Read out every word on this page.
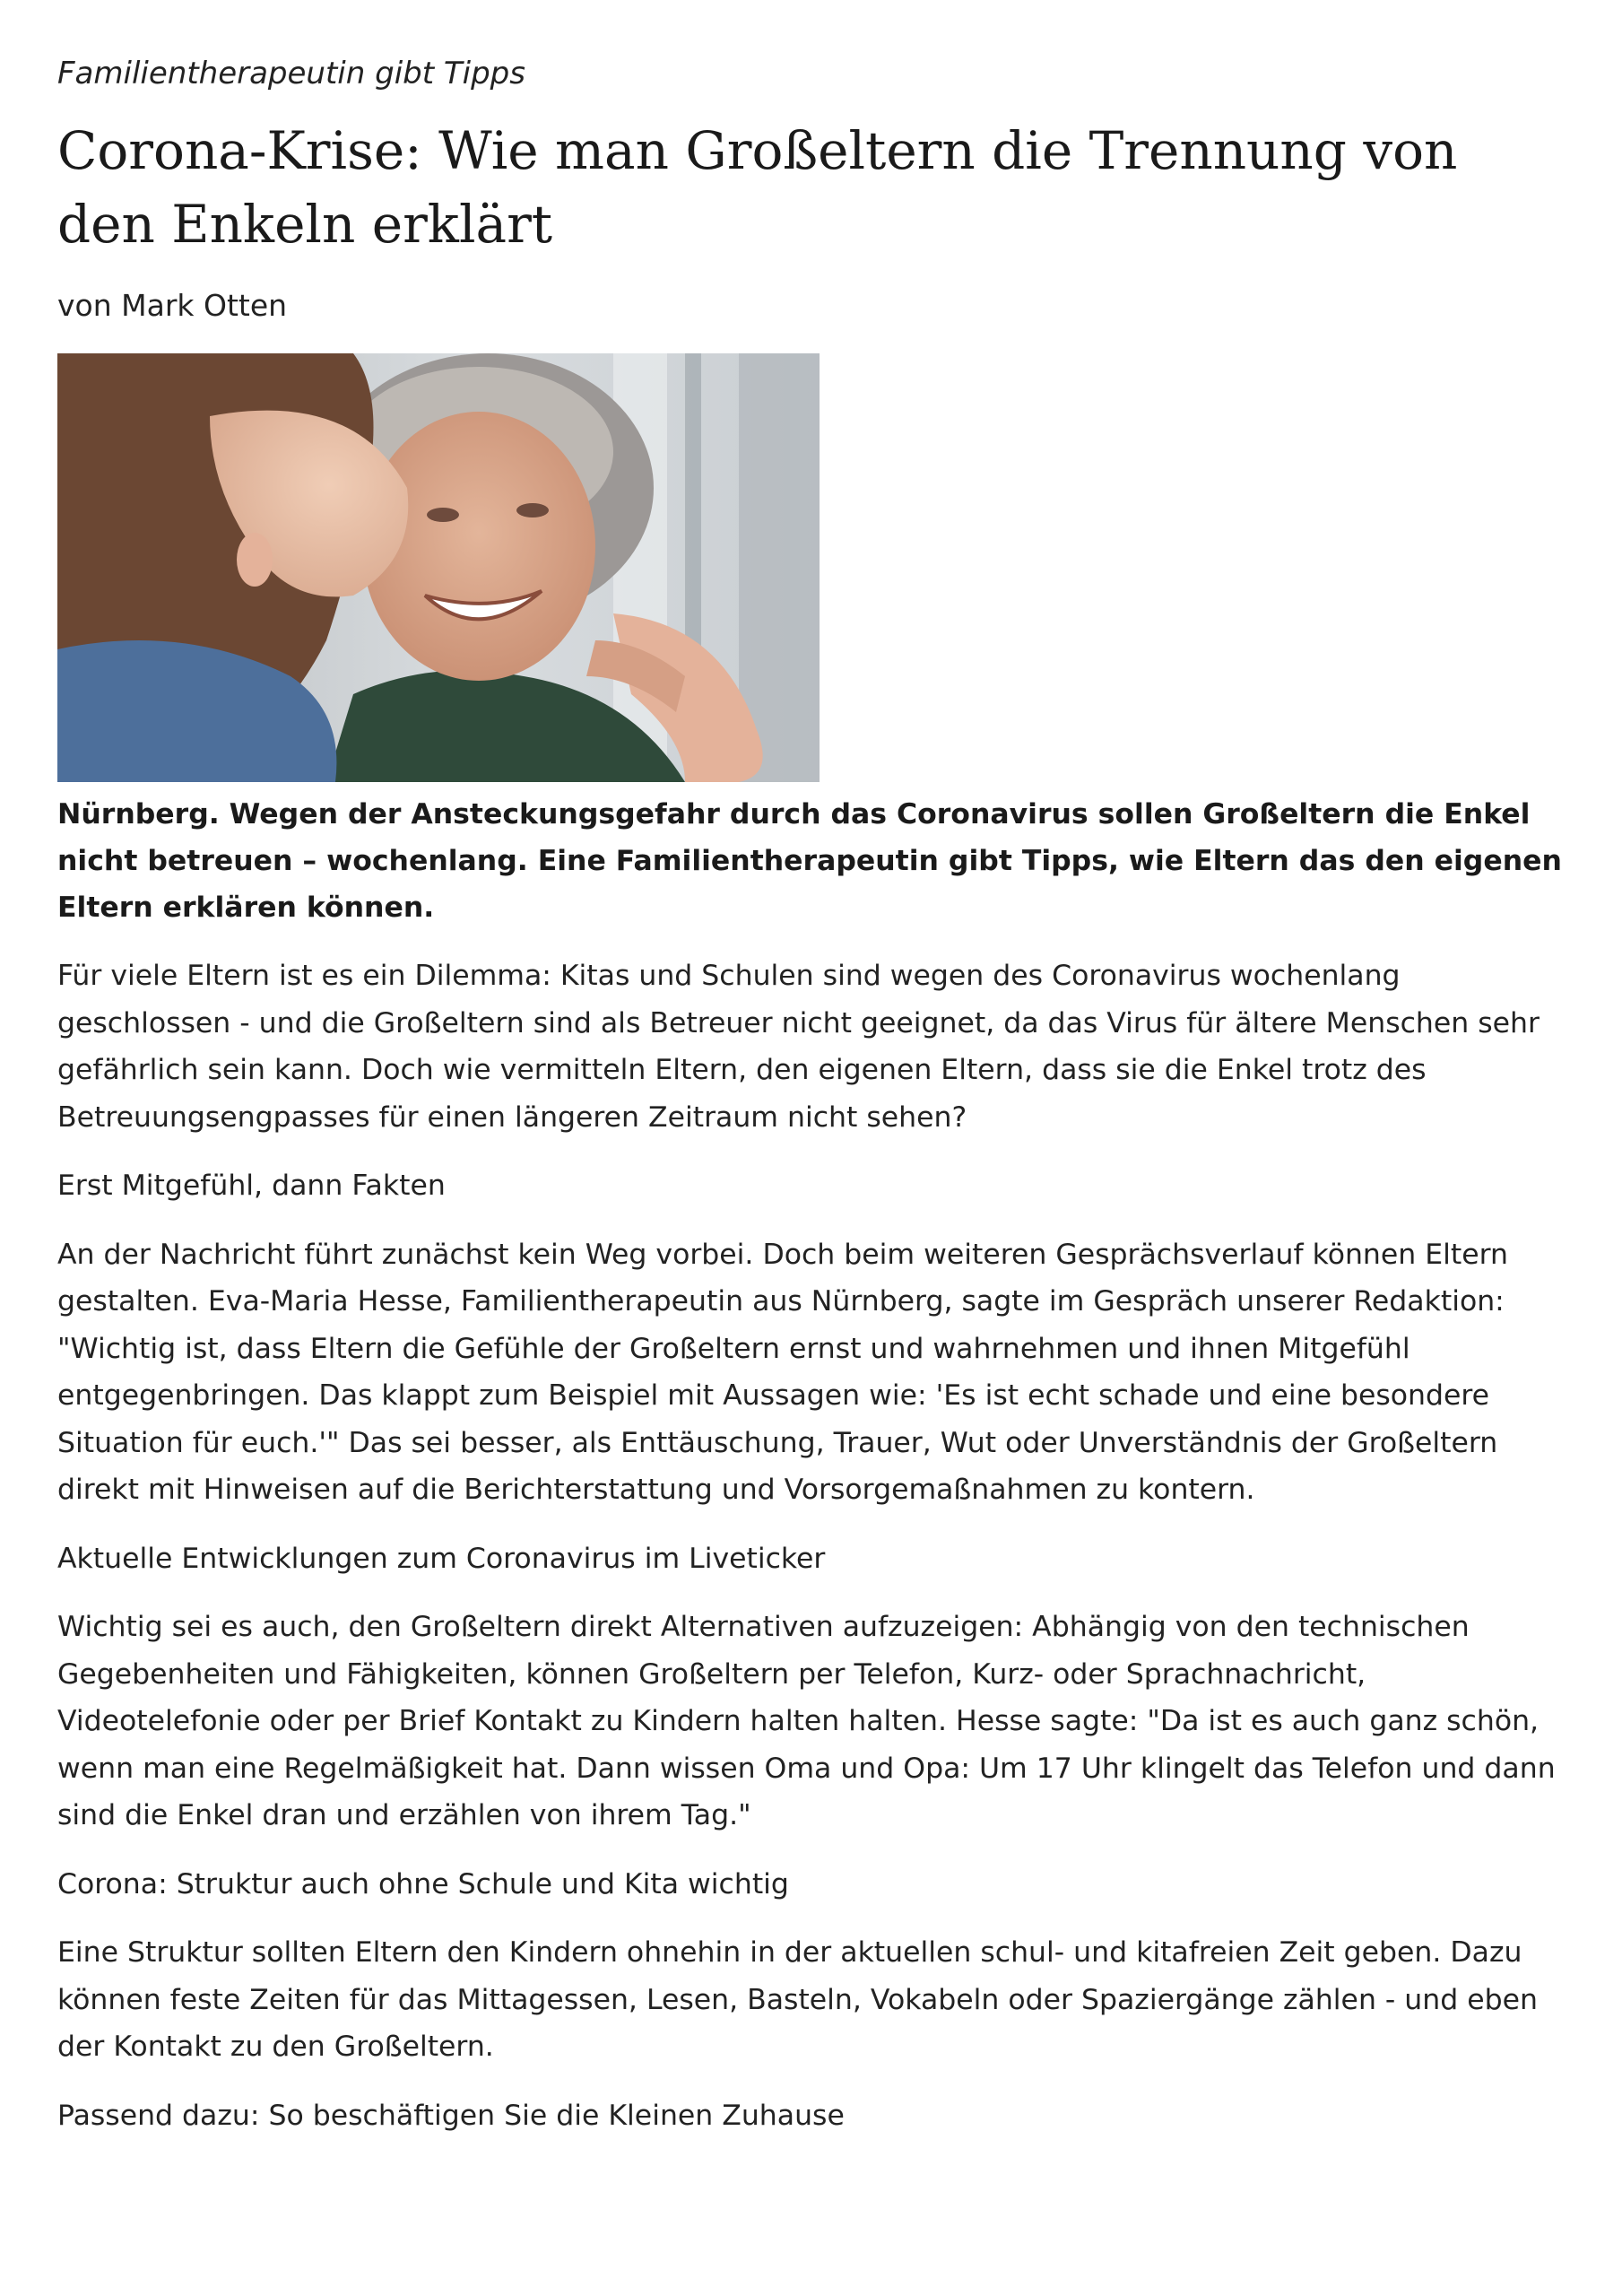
Familientherapeutin gibt Tipps

Corona-Krise: Wie man Großeltern die Trennung von den Enkeln erklärt

von Mark Otten

Nürnberg. Wegen der Ansteckungsgefahr durch das Coronavirus sollen Großeltern die Enkel nicht betreuen – wochenlang. Eine Familientherapeutin gibt Tipps, wie Eltern das den eigenen Eltern erklären können.

Für viele Eltern ist es ein Dilemma: Kitas und Schulen sind wegen des Coronavirus wochenlang geschlossen - und die Großeltern sind als Betreuer nicht geeignet, da das Virus für ältere Menschen sehr gefährlich sein kann. Doch wie vermitteln Eltern, den eigenen Eltern, dass sie die Enkel trotz des Betreuungsengpasses für einen längeren Zeitraum nicht sehen?

Erst Mitgefühl, dann Fakten

An der Nachricht führt zunächst kein Weg vorbei. Doch beim weiteren Gesprächsverlauf können Eltern gestalten. Eva-Maria Hesse, Familientherapeutin aus Nürnberg, sagte im Gespräch unserer Redaktion: "Wichtig ist, dass Eltern die Gefühle der Großeltern ernst und wahrnehmen und ihnen Mitgefühl entgegenbringen. Das klappt zum Beispiel mit Aussagen wie: 'Es ist echt schade und eine besondere Situation für euch.'" Das sei besser, als Enttäuschung, Trauer, Wut oder Unverständnis der Großeltern direkt mit Hinweisen auf die Berichterstattung und Vorsorgemaßnahmen zu kontern.

Aktuelle Entwicklungen zum Coronavirus im Liveticker

Wichtig sei es auch, den Großeltern direkt Alternativen aufzuzeigen: Abhängig von den technischen Gegebenheiten und Fähigkeiten, können Großeltern per Telefon, Kurz- oder Sprachnachricht, Videotelefonie oder per Brief Kontakt zu Kindern halten halten. Hesse sagte: "Da ist es auch ganz schön, wenn man eine Regelmäßigkeit hat. Dann wissen Oma und Opa: Um 17 Uhr klingelt das Telefon und dann sind die Enkel dran und erzählen von ihrem Tag."

Corona: Struktur auch ohne Schule und Kita wichtig

Eine Struktur sollten Eltern den Kindern ohnehin in der aktuellen schul- und kitafreien Zeit geben. Dazu können feste Zeiten für das Mittagessen, Lesen, Basteln, Vokabeln oder Spaziergänge zählen - und eben der Kontakt zu den Großeltern.

Passend dazu: So beschäftigen Sie die Kleinen Zuhause
